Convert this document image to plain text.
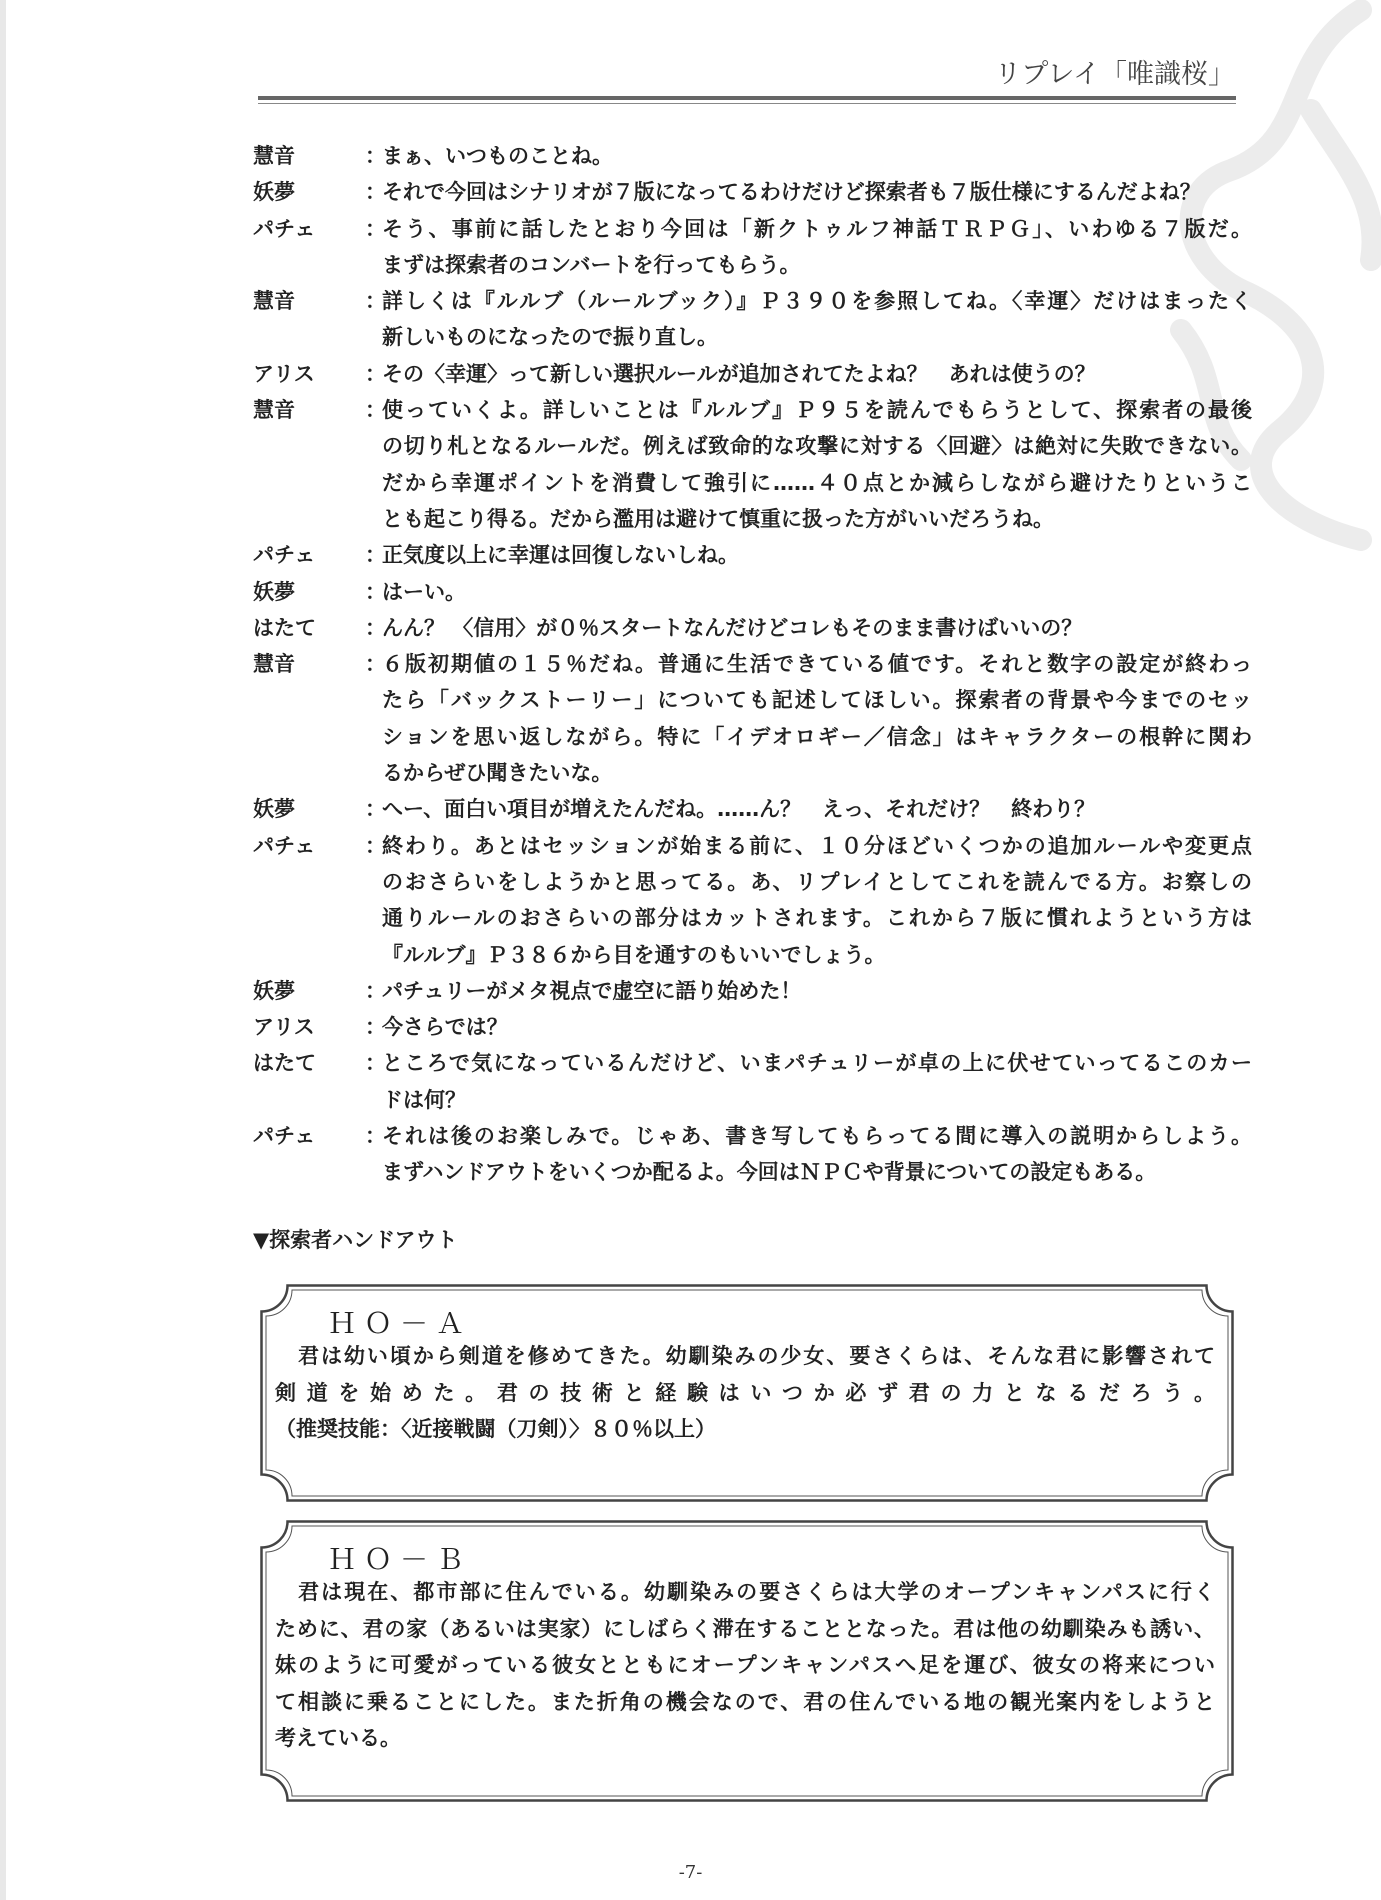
リプレイ「唯識桜」
慧音	：
まぁ、いつものことね。
妖夢	：
それで今回はシナリオが７版になってるわけだけど探索者も７版仕様にするんだよね？
パチェ	：
そう、事前に話したとおり今回は「新クトゥルフ神話ＴＲＰＧ」、いわゆる７版だ。
まずは探索者のコンバートを行ってもらう。
慧音	：
詳しくは『ルルブ（ルールブック）』Ｐ３９０を参照してね。〈幸運〉だけはまったく
新しいものになったので振り直し。
アリス	：
その〈幸運〉って新しい選択ルールが追加されてたよね？　あれは使うの？
慧音	：
使っていくよ。詳しいことは『ルルブ』Ｐ９５を読んでもらうとして、探索者の最後
の切り札となるルールだ。例えば致命的な攻撃に対する〈回避〉は絶対に失敗できない。
だから幸運ポイントを消費して強引に……４０点とか減らしながら避けたりというこ
とも起こり得る。だから濫用は避けて慎重に扱った方がいいだろうね。
パチェ	：
正気度以上に幸運は回復しないしね。
妖夢	：
はーい。
はたて	：
んん？ 〈信用〉が０％スタートなんだけどコレもそのまま書けばいいの？
慧音	：
６版初期値の１５％だね。普通に生活できている値です。それと数字の設定が終わっ
たら「バックストーリー」についても記述してほしい。探索者の背景や今までのセッ
ションを思い返しながら。特に「イデオロギー／信念」はキャラクターの根幹に関わ
るからぜひ聞きたいな。
妖夢	：
へー、面白い項目が増えたんだね。……ん？　えっ、それだけ？　終わり？
パチェ	：
終わり。あとはセッションが始まる前に、１０分ほどいくつかの追加ルールや変更点
のおさらいをしようかと思ってる。あ、リプレイとしてこれを読んでる方。お察しの
通りルールのおさらいの部分はカットされます。これから７版に慣れようという方は
『ルルブ』Ｐ３８６から目を通すのもいいでしょう。
妖夢	：
パチュリーがメタ視点で虚空に語り始めた！
アリス	：
今さらでは？
はたて	：
ところで気になっているんだけど、いまパチュリーが卓の上に伏せていってるこのカー
ドは何？
パチェ	：
それは後のお楽しみで。じゃあ、書き写してもらってる間に導入の説明からしよう。
まずハンドアウトをいくつか配るよ。今回はＮＰＣや背景についての設定もある。
▼探索者ハンドアウト
ＨＯ－Ａ
　君は幼い頃から剣道を修めてきた。幼馴染みの少女、要さくらは、そんな君に影響されて
剣道を始めた。君の技術と経験はいつか必ず君の力となるだろう。
（推奨技能：〈近接戦闘（刀剣）〉８０％以上）
ＨＯ－Ｂ
　君は現在、都市部に住んでいる。幼馴染みの要さくらは大学のオープンキャンパスに行く
ために、君の家（あるいは実家）にしばらく滞在することとなった。君は他の幼馴染みも誘い、
妹のように可愛がっている彼女とともにオープンキャンパスへ足を運び、彼女の将来につい
て相談に乗ることにした。また折角の機会なので、君の住んでいる地の観光案内をしようと
考えている。
-7-
